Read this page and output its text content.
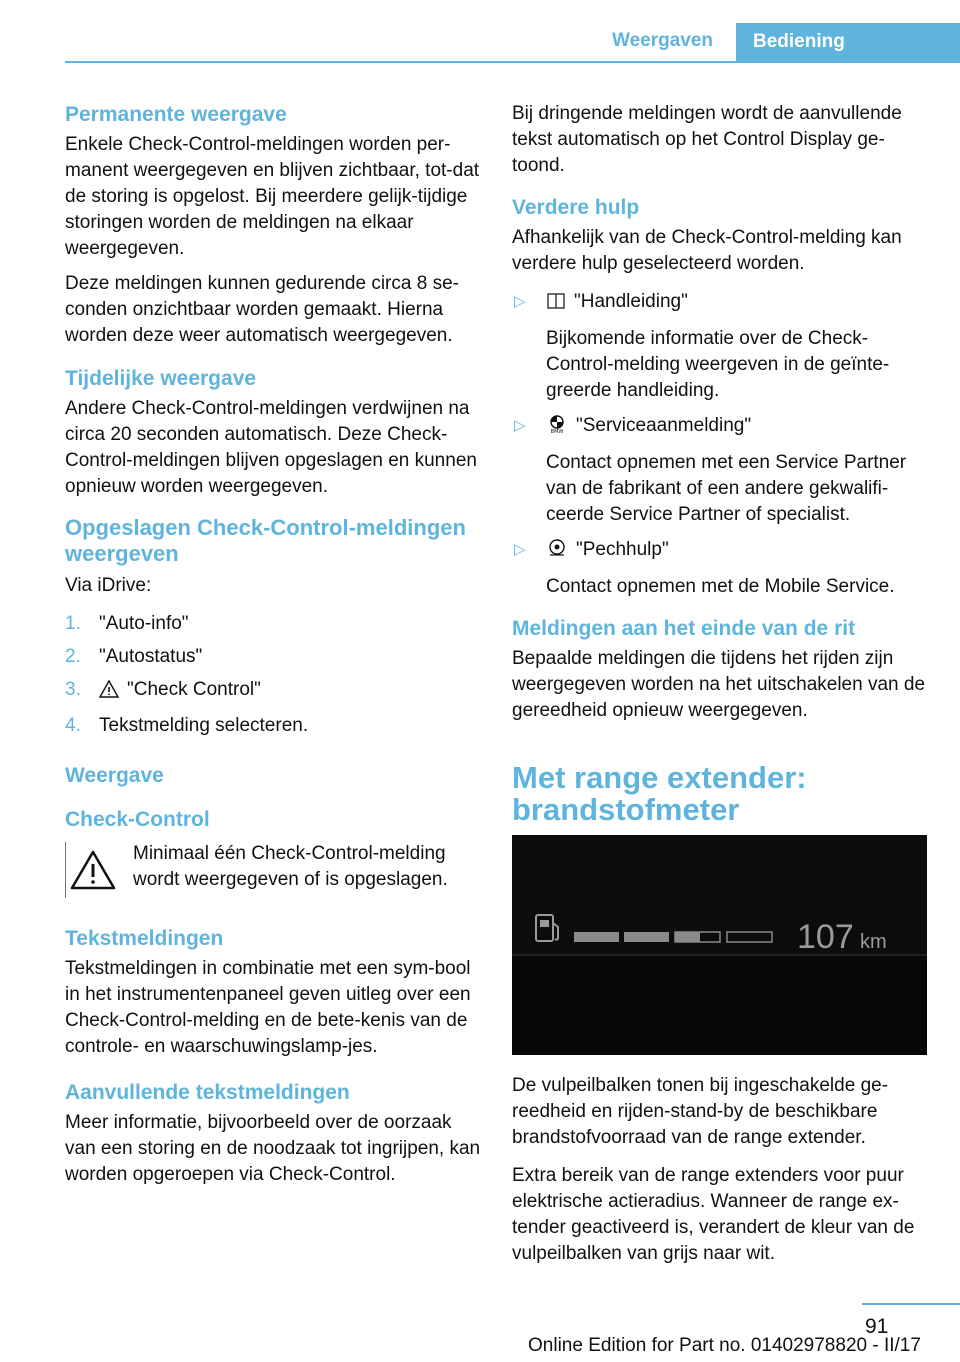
Weergaven	Bediening
Permanente weergave

Enkele Check-Control-meldingen worden per-manent weergegeven en blijven zichtbaar, tot-dat de storing is opgelost. Bij meerdere gelijk-tijdige storingen worden de meldingen na elkaar weergegeven.

Deze meldingen kunnen gedurende circa 8 se-conden onzichtbaar worden gemaakt. Hierna worden deze weer automatisch weergegeven.

Tijdelijke weergave

Andere Check-Control-meldingen verdwijnen na circa 20 seconden automatisch. Deze Check-Control-meldingen blijven opgeslagen en kunnen opnieuw worden weergegeven.

Opgeslagen Check-Control-meldingen weergeven

Via iDrive:

1. "Auto-info"
2. "Autostatus"
3. "Check Control"
4. Tekstmelding selecteren.
Weergave
Check-Control
Minimaal één Check-Control-melding wordt weergegeven of is opgeslagen.
Tekstmeldingen

Tekstmeldingen in combinatie met een sym-bool in het instrumentenpaneel geven uitleg over een Check-Control-melding en de bete-kenis van de controle- en waarschuwingslamp-jes.

Aanvullende tekstmeldingen

Meer informatie, bijvoorbeeld over de oorzaak van een storing en de noodzaak tot ingrijpen, kan worden opgeroepen via Check-Control.

Bij dringende meldingen wordt de aanvullende tekst automatisch op het Control Display ge-toond.

Verdere hulp

Afhankelijk van de Check-Control-melding kan verdere hulp geselecteerd worden.

▷	"Handleiding"
Bijkomende informatie over de Check-Control-melding weergeven in de geïnte-greerde handleiding.
▷	BMW "Serviceaanmelding"
Contact opnemen met een Service Partner van de fabrikant of een andere gekwalifi-ceerde Service Partner of specialist.
▷	"Pechhulp"
Contact opnemen met de Mobile Service.
Meldingen aan het einde van de rit

Bepaalde meldingen die tijdens het rijden zijn weergegeven worden na het uitschakelen van de gereedheid opnieuw weergegeven.

Met range extender:
brandstofmeter
107 km

De vulpeilbalken tonen bij ingeschakelde ge-reedheid en rijden-stand-by de beschikbare brandstofvoorraad van de range extender.

Extra bereik van de range extenders voor puur elektrische actieradius. Wanneer de range ex-tender geactiveerd is, verandert de kleur van de vulpeilbalken van grijs naar wit.

91
Online Edition for Part no. 01402978820 - II/17
